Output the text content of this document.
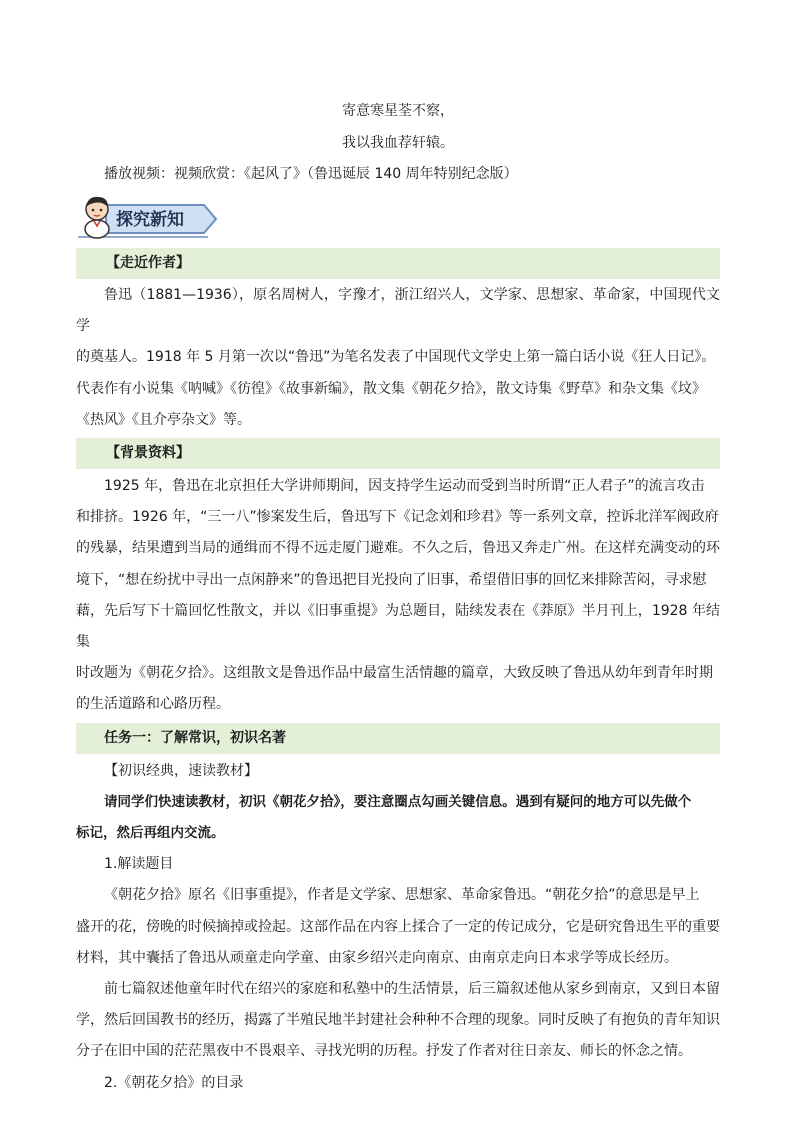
寄意寒星荃不察，
我以我血荐轩辕。
播放视频：视频欣赏：《起风了》（鲁迅诞辰 140 周年特别纪念版）
探究新知
【走近作者】
鲁迅（1881—1936），原名周树人，字豫才，浙江绍兴人，文学家、思想家、革命家，中国现代文学
的奠基人。1918 年 5 月第一次以“鲁迅”为笔名发表了中国现代文学史上第一篇白话小说《狂人日记》。
代表作有小说集《呐喊》《彷徨》《故事新编》，散文集《朝花夕拾》，散文诗集《野草》和杂文集《坟》
《热风》《且介亭杂文》等。
【背景资料】
1925 年，鲁迅在北京担任大学讲师期间，因支持学生运动而受到当时所谓“正人君子”的流言攻击
和排挤。1926 年，“三一八”惨案发生后，鲁迅写下《记念刘和珍君》等一系列文章，控诉北洋军阀政府
的残暴，结果遭到当局的通缉而不得不远走厦门避难。不久之后，鲁迅又奔走广州。在这样充满变动的环
境下，“想在纷扰中寻出一点闲静来”的鲁迅把目光投向了旧事，希望借旧事的回忆来排除苦闷，寻求慰
藉，先后写下十篇回忆性散文，并以《旧事重提》为总题目，陆续发表在《莽原》半月刊上，1928 年结集
时改题为《朝花夕拾》。这组散文是鲁迅作品中最富生活情趣的篇章，大致反映了鲁迅从幼年到青年时期
的生活道路和心路历程。
任务一：了解常识，初识名著
【初识经典，速读教材】
请同学们快速读教材，初识《朝花夕拾》，要注意圈点勾画关键信息。遇到有疑问的地方可以先做个
标记，然后再组内交流。
1.解读题目
《朝花夕拾》原名《旧事重提》，作者是文学家、思想家、革命家鲁迅。“朝花夕拾”的意思是早上
盛开的花，傍晚的时候摘掉或捡起。这部作品在内容上揉合了一定的传记成分，它是研究鲁迅生平的重要
材料，其中囊括了鲁迅从顽童走向学童、由家乡绍兴走向南京、由南京走向日本求学等成长经历。
前七篇叙述他童年时代在绍兴的家庭和私塾中的生活情景，后三篇叙述他从家乡到南京，又到日本留
学，然后回国教书的经历，揭露了半殖民地半封建社会种种不合理的现象。同时反映了有抱负的青年知识
分子在旧中国的茫茫黑夜中不畏艰辛、寻找光明的历程。抒发了作者对往日亲友、师长的怀念之情。
2.《朝花夕拾》的目录
